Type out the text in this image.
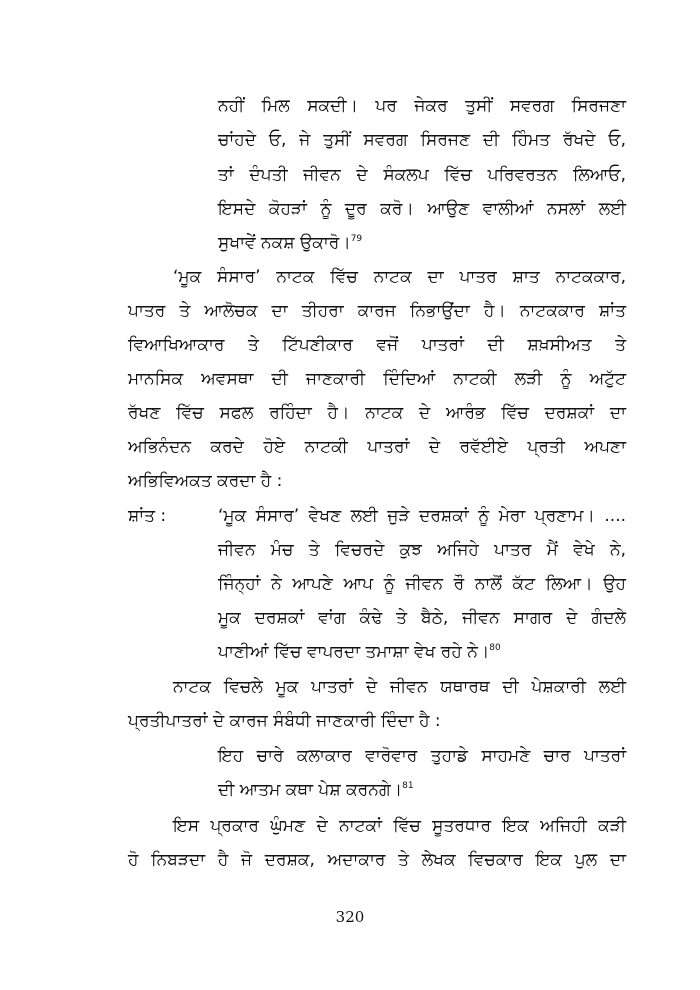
ਨਹੀਂ ਮਿਲ ਸਕਦੀ। ਪਰ ਜੇਕਰ ਤੁਸੀਂ ਸਵਰਗ ਸਿਰਜਣਾ
ਚਾਂਹਦੇ ਓ, ਜੇ ਤੁਸੀਂ ਸਵਰਗ ਸਿਰਜਣ ਦੀ ਹਿੰਮਤ ਰੱਖਦੇ ਓ,
ਤਾਂ ਦੰਪਤੀ ਜੀਵਨ ਦੇ ਸੰਕਲਪ ਵਿੱਚ ਪਰਿਵਰਤਨ ਲਿਆਓ,
ਇਸਦੇ ਕੋਹੜਾਂ ਨੂੰ ਦੂਰ ਕਰੋ। ਆਉਣ ਵਾਲੀਆਂ ਨਸਲਾਂ ਲਈ
ਸੁਖਾਵੇਂ ਨਕਸ਼ ਉਕਾਰੋ।$^{79}$
‘ਮੂਕ ਸੰਸਾਰ’ ਨਾਟਕ ਵਿੱਚ ਨਾਟਕ ਦਾ ਪਾਤਰ ਸ਼ਾਤ ਨਾਟਕਕਾਰ,
ਪਾਤਰ ਤੇ ਆਲੋਚਕ ਦਾ ਤੀਹਰਾ ਕਾਰਜ ਨਿਭਾਉਂਦਾ ਹੈ। ਨਾਟਕਕਾਰ ਸ਼ਾਂਤ
ਵਿਆਖਿਆਕਾਰ ਤੇ ਟਿੱਪਣੀਕਾਰ ਵਜੋਂ ਪਾਤਰਾਂ ਦੀ ਸ਼ਖ਼ਸੀਅਤ ਤੇ
ਮਾਨਸਿਕ ਅਵਸਥਾ ਦੀ ਜਾਣਕਾਰੀ ਦਿੰਦਿਆਂ ਨਾਟਕੀ ਲੜੀ ਨੂੰ ਅਟੁੱਟ
ਰੱਖਣ ਵਿੱਚ ਸਫਲ ਰਹਿੰਦਾ ਹੈ। ਨਾਟਕ ਦੇ ਆਰੰਭ ਵਿੱਚ ਦਰਸ਼ਕਾਂ ਦਾ
ਅਭਿਨੰਦਨ ਕਰਦੇ ਹੋਏ ਨਾਟਕੀ ਪਾਤਰਾਂ ਦੇ ਰਵੱਈਏ ਪ੍ਰਤੀ ਅਪਣਾ
ਅਭਿਵਿਅਕਤ ਕਰਦਾ ਹੈ :
ਸ਼ਾਂਤ :	‘ਮੂਕ ਸੰਸਾਰ’ ਵੇਖਣ ਲਈ ਜੁੜੇ ਦਰਸ਼ਕਾਂ ਨੂੰ ਮੇਰਾ ਪ੍ਰਣਾਮ। ....
ਜੀਵਨ ਮੰਚ ਤੇ ਵਿਚਰਦੇ ਕੁਝ ਅਜਿਹੇ ਪਾਤਰ ਮੈਂ ਵੇਖੇ ਨੇ,
ਜਿੰਨ੍ਹਾਂ ਨੇ ਆਪਣੇ ਆਪ ਨੂੰ ਜੀਵਨ ਰੌ ਨਾਲੋਂ ਕੱਟ ਲਿਆ। ਉਹ
ਮੂਕ ਦਰਸ਼ਕਾਂ ਵਾਂਗ ਕੰਢੇ ਤੇ ਬੈਠੇ, ਜੀਵਨ ਸਾਗਰ ਦੇ ਗੰਦਲੇ
ਪਾਣੀਆਂ ਵਿੱਚ ਵਾਪਰਦਾ ਤਮਾਸ਼ਾ ਵੇਖ ਰਹੇ ਨੇ।$^{80}$
ਨਾਟਕ ਵਿਚਲੇ ਮੂਕ ਪਾਤਰਾਂ ਦੇ ਜੀਵਨ ਯਥਾਰਥ ਦੀ ਪੇਸ਼ਕਾਰੀ ਲਈ
ਪ੍ਰਤੀਪਾਤਰਾਂ ਦੇ ਕਾਰਜ ਸੰਬੰਧੀ ਜਾਣਕਾਰੀ ਦਿੰਦਾ ਹੈ :
ਇਹ ਚਾਰੇ ਕਲਾਕਾਰ ਵਾਰੋਵਾਰ ਤੁਹਾਡੇ ਸਾਹਮਣੇ ਚਾਰ ਪਾਤਰਾਂ
ਦੀ ਆਤਮ ਕਥਾ ਪੇਸ਼ ਕਰਨਗੇ।$^{81}$
ਇਸ ਪ੍ਰਕਾਰ ਘੁੰਮਣ ਦੇ ਨਾਟਕਾਂ ਵਿੱਚ ਸੂਤਰਧਾਰ ਇਕ ਅਜਿਹੀ ਕੜੀ
ਹੋ ਨਿਬੜਦਾ ਹੈ ਜੋ ਦਰਸ਼ਕ, ਅਦਾਕਾਰ ਤੇ ਲੇਖਕ ਵਿਚਕਾਰ ਇਕ ਪੁਲ ਦਾ
320
